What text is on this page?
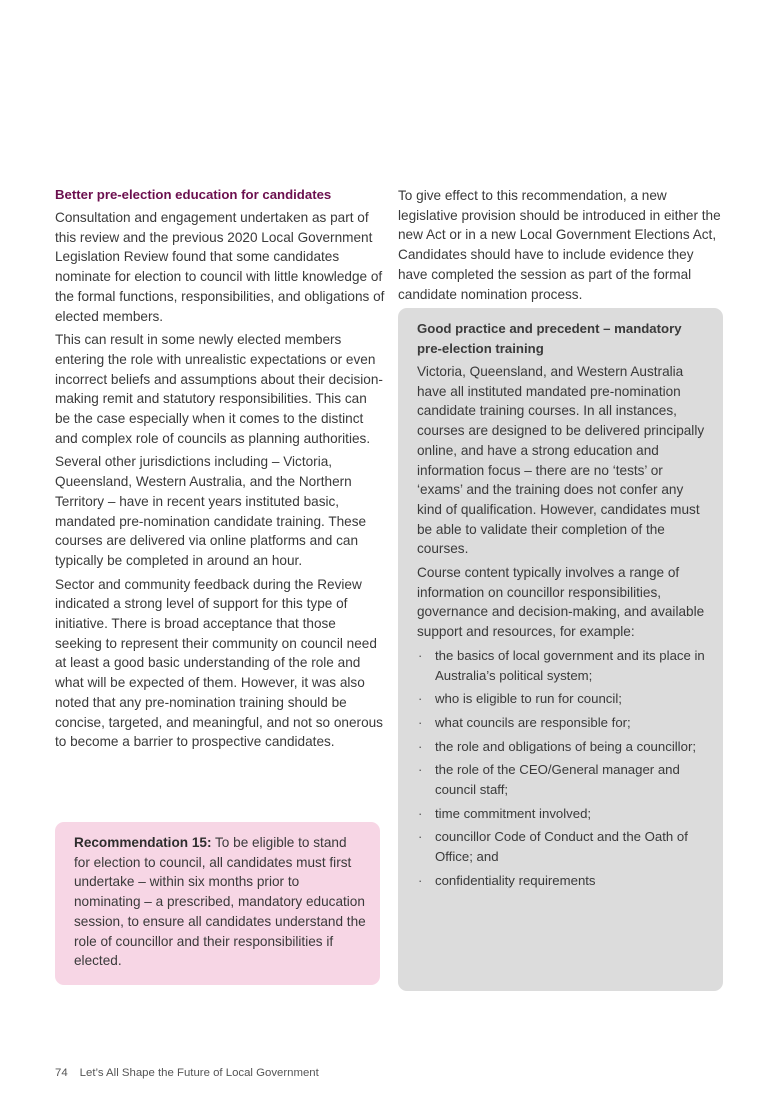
Better pre-election education for candidates

Consultation and engagement undertaken as part of this review and the previous 2020 Local Government Legislation Review found that some candidates nominate for election to council with little knowledge of the formal functions, responsibilities, and obligations of elected members.

This can result in some newly elected members entering the role with unrealistic expectations or even incorrect beliefs and assumptions about their decision-making remit and statutory responsibilities. This can be the case especially when it comes to the distinct and complex role of councils as planning authorities.

Several other jurisdictions including – Victoria, Queensland, Western Australia, and the Northern Territory – have in recent years instituted basic, mandated pre-nomination candidate training. These courses are delivered via online platforms and can typically be completed in around an hour.

Sector and community feedback during the Review indicated a strong level of support for this type of initiative. There is broad acceptance that those seeking to represent their community on council need at least a good basic understanding of the role and what will be expected of them. However, it was also noted that any pre-nomination training should be concise, targeted, and meaningful, and not so onerous to become a barrier to prospective candidates.

Recommendation 15: To be eligible to stand for election to council, all candidates must first undertake – within six months prior to nominating – a prescribed, mandatory education session, to ensure all candidates understand the role of councillor and their responsibilities if elected.

To give effect to this recommendation, a new legislative provision should be introduced in either the new Act or in a new Local Government Elections Act, Candidates should have to include evidence they have completed the session as part of the formal candidate nomination process.

Good practice and precedent – mandatory pre-election training

Victoria, Queensland, and Western Australia have all instituted mandated pre-nomination candidate training courses. In all instances, courses are designed to be delivered principally online, and have a strong education and information focus – there are no ‘tests’ or ‘exams’ and the training does not confer any kind of qualification. However, candidates must be able to validate their completion of the courses.

Course content typically involves a range of information on councillor responsibilities, governance and decision-making, and available support and resources, for example:

· the basics of local government and its place in Australia’s political system;
· who is eligible to run for council;
· what councils are responsible for;
· the role and obligations of being a councillor;
· the role of the CEO/General manager and council staff;
· time commitment involved;
· councillor Code of Conduct and the Oath of Office; and
· confidentiality requirements
74 Let’s All Shape the Future of Local Government
